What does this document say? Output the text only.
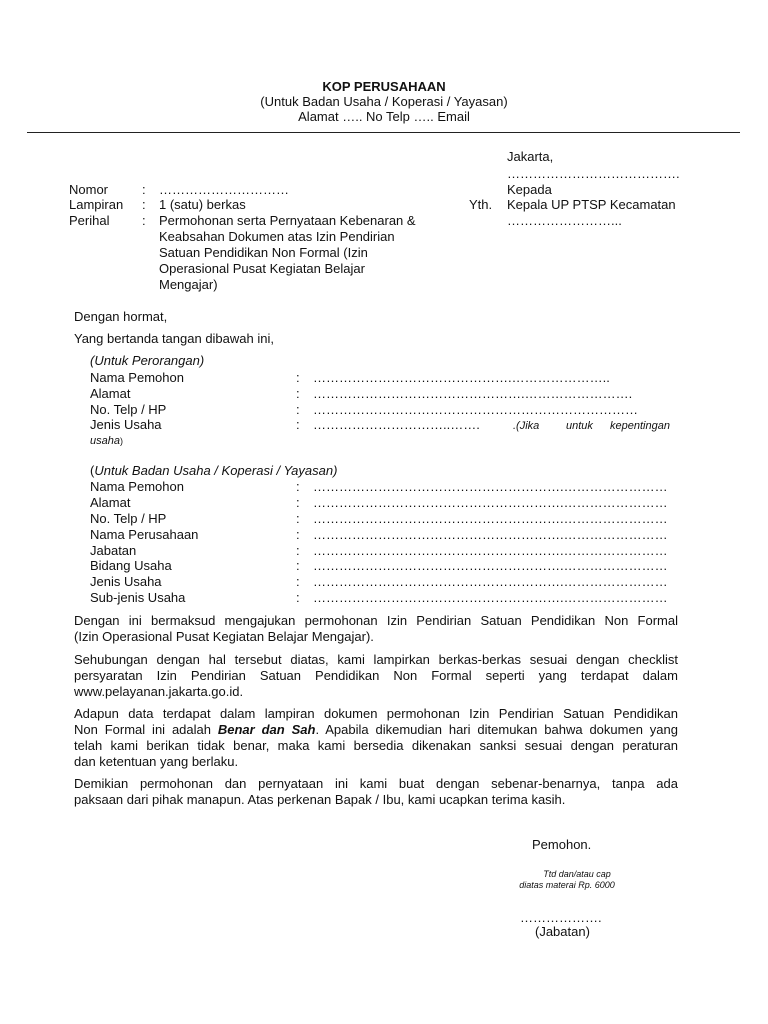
KOP PERUSAHAAN
(Untuk Badan Usaha / Koperasi / Yayasan)
Alamat ….. No Telp ….. Email
Jakarta,
………………………………….
Kepada
Yth. Kepala UP PTSP Kecamatan
……………………...
Nomor	: …………………………
Lampiran : 1 (satu) berkas
Perihal	: Permohonan serta Pernyataan Kebenaran &
Keabsahan Dokumen atas Izin Pendirian
Satuan Pendidikan Non Formal (Izin
Operasional Pusat Kegiatan Belajar
Mengajar)
Dengan hormat,
Yang bertanda tangan dibawah ini,
(Untuk Perorangan)
Nama Pemohon	: ……………………………………….…………………..
Alamat	: ………………………………………….…………………….
No. Telp / HP	: …………………………………………………………………
Jenis Usaha	: …………………………..…….	.(Jika untuk kepentingan
usaha)
(Untuk Badan Usaha / Koperasi / Yayasan)
Nama Pemohon	: ………………………………………………….……………………
Alamat	: ………………………………………………….……………………
No. Telp / HP	: ………………………………………………….……………………
Nama Perusahaan	: ………………………………………………….……………………
Jabatan	: ………………………………………………….……………………
Bidang Usaha	: ………………………………………………….……………………
Jenis Usaha	: ………………………………………………….……………………
Sub-jenis Usaha	: ………………………………………………….……………………
Dengan ini bermaksud mengajukan permohonan Izin Pendirian Satuan Pendidikan Non Formal
(Izin Operasional Pusat Kegiatan Belajar Mengajar).
Sehubungan dengan hal tersebut diatas, kami lampirkan berkas-berkas sesuai dengan checklist
persyaratan Izin Pendirian Satuan Pendidikan Non Formal seperti yang terdapat dalam
www.pelayanan.jakarta.go.id.
Adapun data terdapat dalam lampiran dokumen permohonan Izin Pendirian Satuan Pendidikan
Non Formal ini adalah Benar dan Sah. Apabila dikemudian hari ditemukan bahwa dokumen yang
telah kami berikan tidak benar, maka kami bersedia dikenakan sanksi sesuai dengan peraturan
dan ketentuan yang berlaku.
Demikian permohonan dan pernyataan ini kami buat dengan sebenar-benarnya, tanpa ada
paksaan dari pihak manapun. Atas perkenan Bapak / Ibu, kami ucapkan terima kasih.
Pemohon.
Ttd dan/atau cap
diatas materai Rp. 6000
……………….
(Jabatan)
